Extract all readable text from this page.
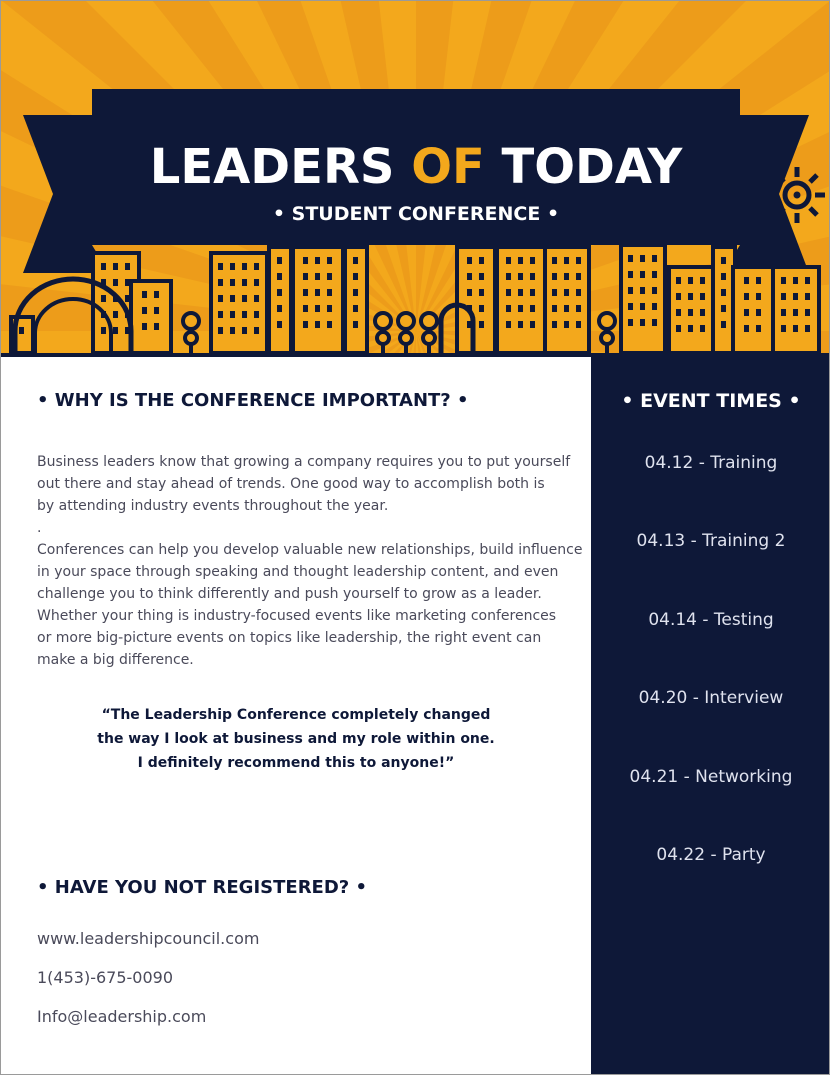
LEADERS OF TODAY
• STUDENT CONFERENCE •
• WHY IS THE CONFERENCE IMPORTANT? •

Business leaders know that growing a company requires you to put yourself

out there and stay ahead of trends. One good way to accomplish both is

by attending industry events throughout the year.

.

Conferences can help you develop valuable new relationships, build influence

in your space through speaking and thought leadership content, and even

challenge you to think differently and push yourself to grow as a leader.

Whether your thing is industry-focused events like marketing conferences

or more big-picture events on topics like leadership, the right event can

make a big difference.

“The Leadership Conference completely changed

the way I look at business and my role within one.

I definitely recommend this to anyone!”

• HAVE YOU NOT REGISTERED? •
www.leadershipcouncil.com
1(453)-675-0090
Info@leadership.com
• EVENT TIMES •
04.12 - Training
04.13 - Training 2
04.14 - Testing
04.20 - Interview
04.21 - Networking
04.22 - Party
